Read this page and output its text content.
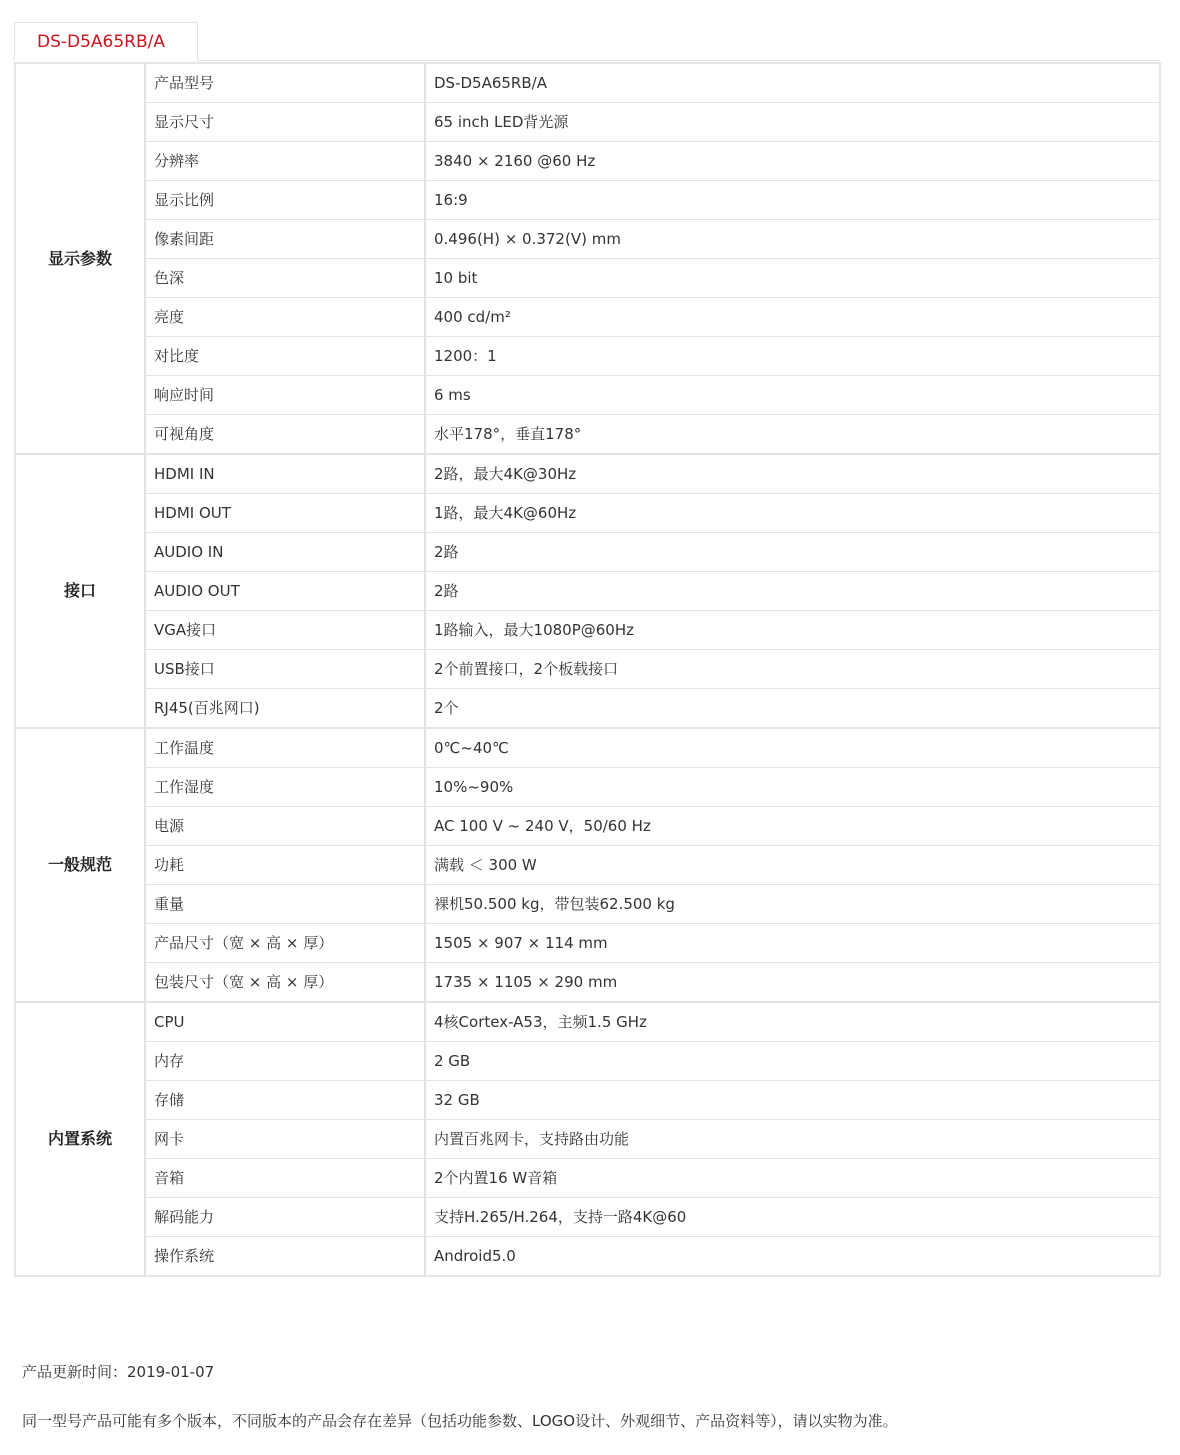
DS-D5A65RB/A
显示参数	产品型号	DS-D5A65RB/A
	显示尺寸	65 inch LED背光源
	分辨率	3840 × 2160 @60 Hz
	显示比例	16:9
	像素间距	0.496(H) × 0.372(V) mm
	色深	10 bit
	亮度	400 cd/m²
	对比度	1200：1
	响应时间	6 ms
	可视角度	水平178°，垂直178°
接口	HDMI IN	2路，最大4K@30Hz
	HDMI OUT	1路，最大4K@60Hz
	AUDIO IN	2路
	AUDIO OUT	2路
	VGA接口	1路输入，最大1080P@60Hz
	USB接口	2个前置接口，2个板载接口
	RJ45(百兆网口)	2个
一般规范	工作温度	0℃~40℃
	工作湿度	10%~90%
	电源	AC 100 V ~ 240 V，50/60 Hz
	功耗	满载 ＜ 300 W
	重量	裸机50.500 kg，带包装62.500 kg
	产品尺寸（宽 × 高 × 厚）	1505 × 907 × 114 mm
	包装尺寸（宽 × 高 × 厚）	1735 × 1105 × 290 mm
内置系统	CPU	4核Cortex-A53，主频1.5 GHz
	内存	2 GB
	存储	32 GB
	网卡	内置百兆网卡，支持路由功能
	音箱	2个内置16 W音箱
	解码能力	支持H.265/H.264，支持一路4K@60
	操作系统	Android5.0
产品更新时间：2019-01-07
同一型号产品可能有多个版本，不同版本的产品会存在差异（包括功能参数、LOGO设计、外观细节、产品资料等），请以实物为准。
